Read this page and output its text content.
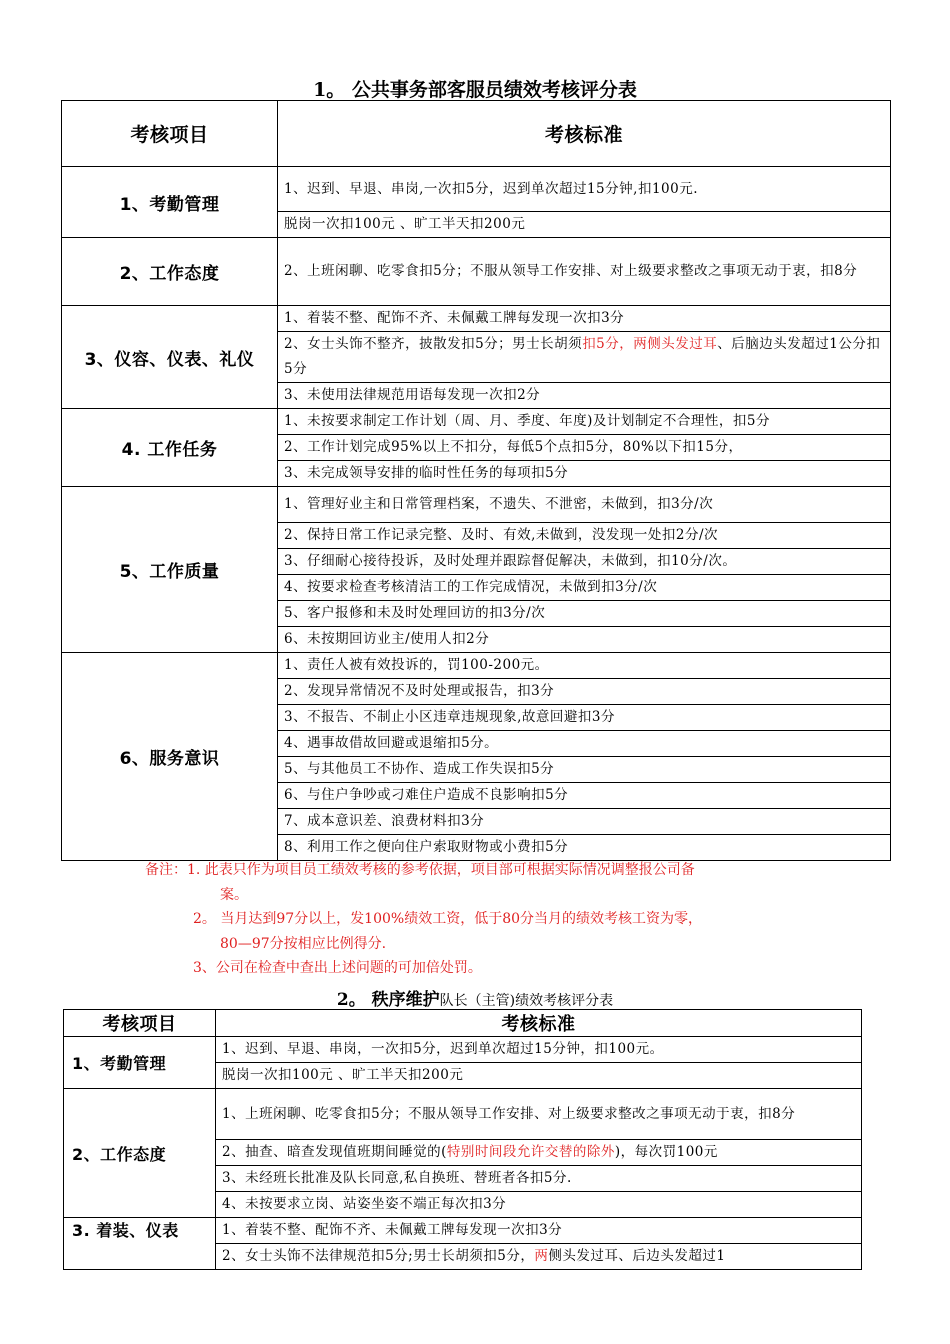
1。 公共事务部客服员绩效考核评分表
考核项目	考核标准
1、考勤管理	1、迟到、早退、串岗,一次扣5分，迟到单次超过15分钟,扣100元.
	脱岗一次扣100元 、旷工半天扣200元
2、工作态度	2、上班闲聊、吃零食扣5分；不服从领导工作安排、对上级要求整改之事项无动于衷，扣8分
3、仪容、仪表、礼仪	1、着装不整、配饰不齐、未佩戴工牌每发现一次扣3分
	2、女士头饰不整齐，披散发扣5分；男士长胡须扣5分，两侧头发过耳、后脑边头发超过1公分扣5分
	3、未使用法律规范用语每发现一次扣2分
4. 工作任务	1、未按要求制定工作计划（周、月、季度、年度)及计划制定不合理性，扣5分
	2、工作计划完成95%以上不扣分，每低5个点扣5分，80%以下扣15分，
	3、未完成领导安排的临时性任务的每项扣5分
5、工作质量	1、管理好业主和日常管理档案，不遗失、不泄密，未做到，扣3分/次
	2、保持日常工作记录完整、及时、有效,未做到，没发现一处扣2分/次
	3、仔细耐心接待投诉，及时处理并跟踪督促解决，未做到，扣10分/次。
	4、按要求检查考核清洁工的工作完成情况，未做到扣3分/次
	5、客户报修和未及时处理回访的扣3分/次
	6、未按期回访业主/使用人扣2分
6、服务意识	1、责任人被有效投诉的，罚100-200元。
	2、发现异常情况不及时处理或报告，扣3分
	3、不报告、不制止小区违章违规现象,故意回避扣3分
	4、遇事故借故回避或退缩扣5分。
	5、与其他员工不协作、造成工作失误扣5分
	6、与住户争吵或刁难住户造成不良影响扣5分
	7、成本意识差、浪费材料扣3分
	8、利用工作之便向住户索取财物或小费扣5分
备注：1. 此表只作为项目员工绩效考核的参考依据，项目部可根据实际情况调整报公司备
案。
2。 当月达到97分以上，发100%绩效工资，低于80分当月的绩效考核工资为零，
80—97分按相应比例得分.
3、公司在检查中查出上述问题的可加倍处罚。
2。 秩序维护队长（主管)绩效考核评分表
考核项目	考核标准
1、考勤管理	1、迟到、早退、串岗，一次扣5分，迟到单次超过15分钟，扣100元。
	脱岗一次扣100元 、旷工半天扣200元
2、工作态度	1、上班闲聊、吃零食扣5分；不服从领导工作安排、对上级要求整改之事项无动于衷，扣8分
	2、抽查、暗查发现值班期间睡觉的(特别时间段允许交替的除外)，每次罚100元
	3、未经班长批准及队长同意,私自换班、替班者各扣5分.
	4、未按要求立岗、站姿坐姿不端正每次扣3分
3. 着装、仪表	1、着装不整、配饰不齐、未佩戴工牌每发现一次扣3分
	2、女士头饰不法律规范扣5分;男士长胡须扣5分，两侧头发过耳、后边头发超过1
